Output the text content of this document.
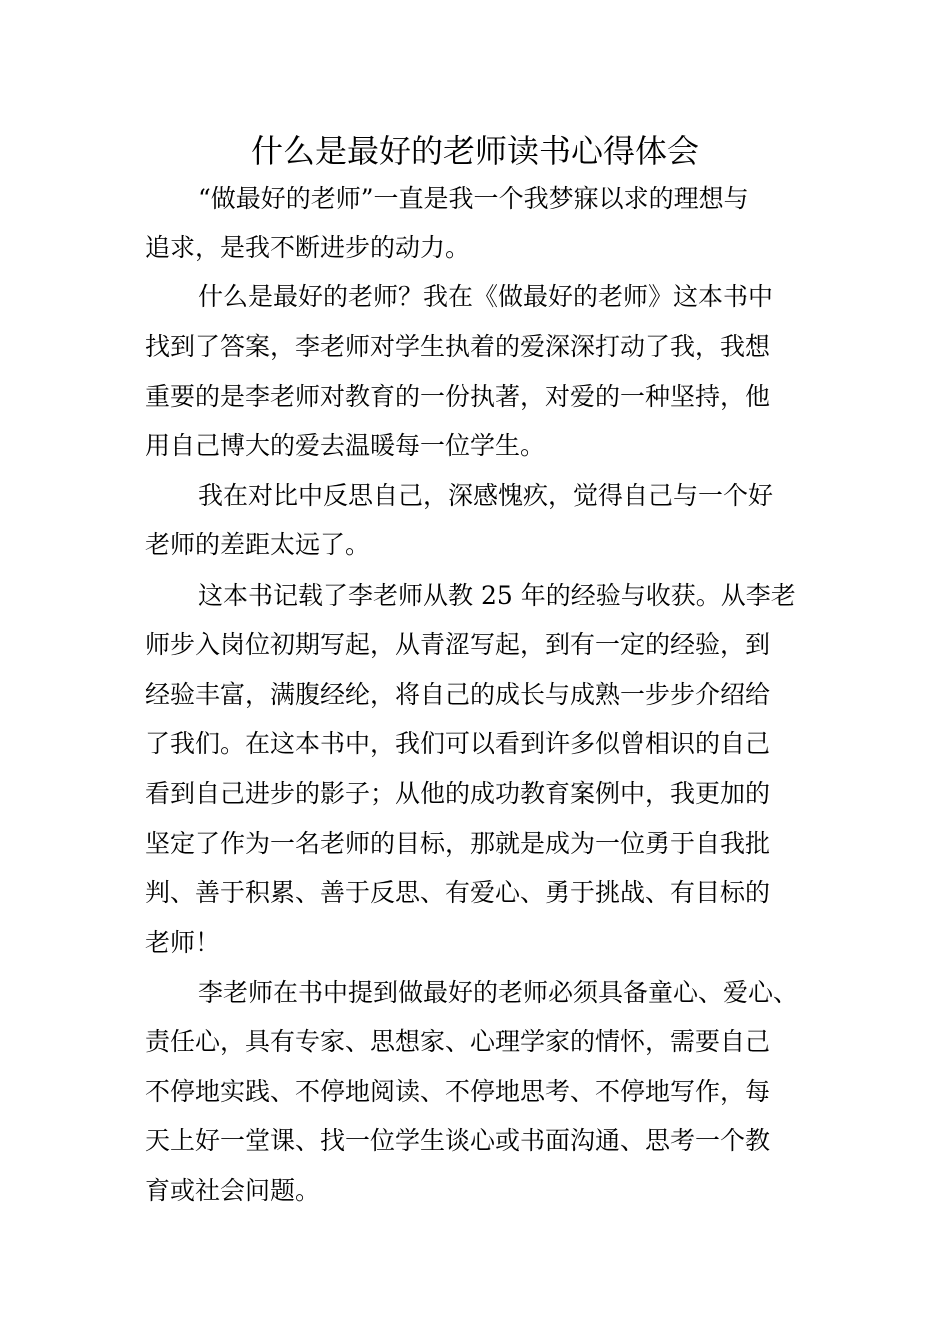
什么是最好的老师读书心得体会
“做最好的老师”一直是我一个我梦寐以求的理想与
追求，是我不断进步的动力。
什么是最好的老师？我在《做最好的老师》这本书中
找到了答案，李老师对学生执着的爱深深打动了我，我想
重要的是李老师对教育的一份执著，对爱的一种坚持，他
用自己博大的爱去温暖每一位学生。
我在对比中反思自己，深感愧疚，觉得自己与一个好
老师的差距太远了。
这本书记载了李老师从教 25 年的经验与收获。从李老
师步入岗位初期写起，从青涩写起，到有一定的经验，到
经验丰富，满腹经纶，将自己的成长与成熟一步步介绍给
了我们。在这本书中，我们可以看到许多似曾相识的自己
看到自己进步的影子；从他的成功教育案例中，我更加的
坚定了作为一名老师的目标，那就是成为一位勇于自我批
判、善于积累、善于反思、有爱心、勇于挑战、有目标的
老师！
李老师在书中提到做最好的老师必须具备童心、爱心、
责任心，具有专家、思想家、心理学家的情怀，需要自己
不停地实践、不停地阅读、不停地思考、不停地写作，每
天上好一堂课、找一位学生谈心或书面沟通、思考一个教
育或社会问题。
